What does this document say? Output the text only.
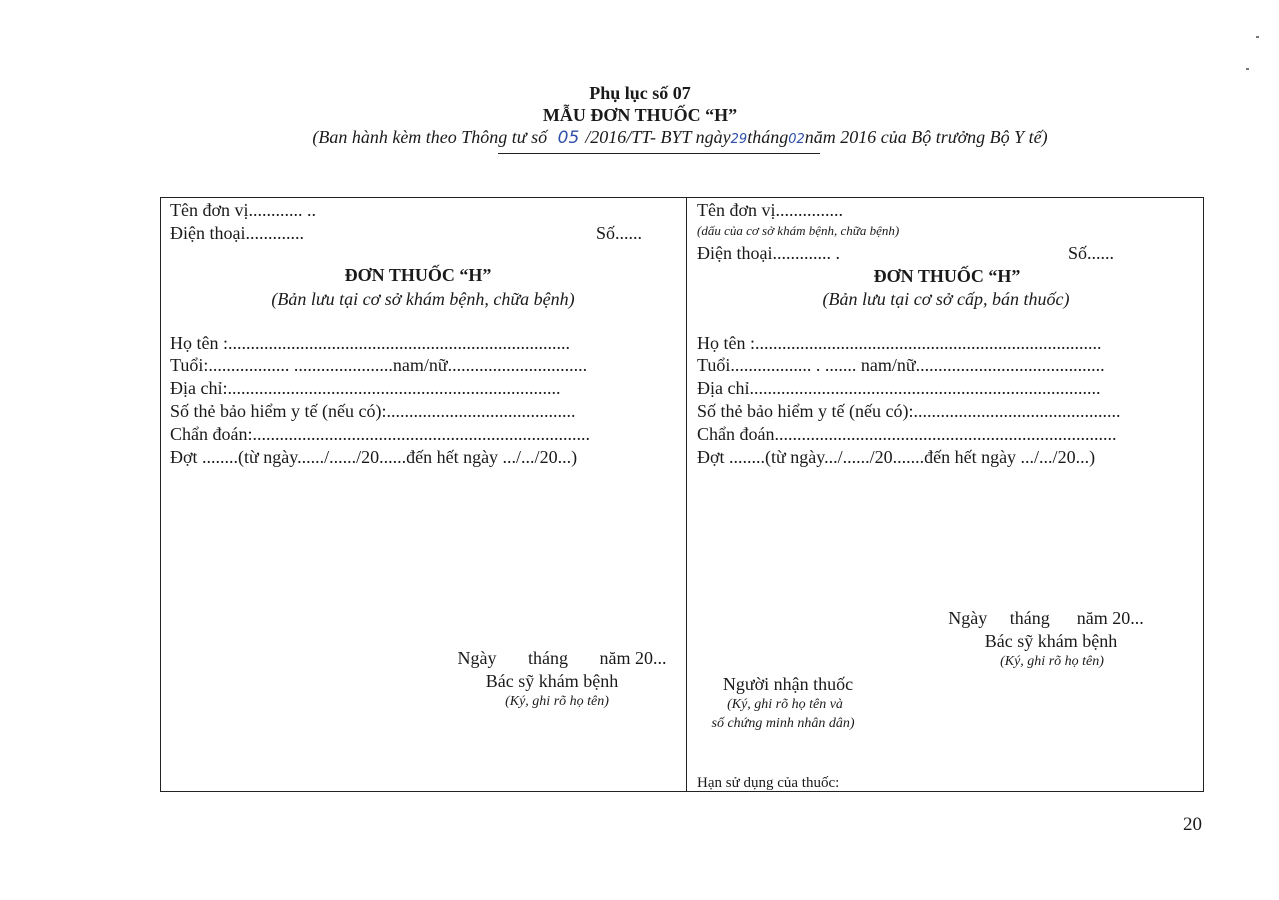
Phụ lục số 07
MẪU ĐƠN THUỐC “H”
(Ban hành kèm theo Thông tư số 05 /2016/TT- BYT ngày29tháng02năm 2016 của Bộ trưởng Bộ Y tế)
Tên đơn vị............ ..
Điện thoại.............	Số......
ĐƠN THUỐC “H”
(Bản lưu tại cơ sở khám bệnh, chữa bệnh)
Họ tên :............................................................................
Tuổi:.................. ......................nam/nữ...............................
Địa chỉ:..........................................................................
Số thẻ bảo hiểm y tế (nếu có):..........................................
Chẩn đoán:...........................................................................
Đợt ........(từ ngày....../....../20......đến hết ngày .../.../20...)
Ngày       tháng       năm 20...
Bác sỹ khám bệnh
(Ký, ghi rõ họ tên)
Tên đơn vị...............
(dấu của cơ sở khám bệnh, chữa bệnh)
Điện thoại............. .	Số......
ĐƠN THUỐC “H”
(Bản lưu tại cơ sở cấp, bán thuốc)
Họ tên :.............................................................................
Tuổi.................. . ....... nam/nữ..........................................
Địa chỉ..............................................................................
Số thẻ bảo hiểm y tế (nếu có):..............................................
Chẩn đoán............................................................................
Đợt ........(từ ngày.../....../20.......đến hết ngày .../.../20...)
Ngày     tháng      năm 20...
Bác sỹ khám bệnh
(Ký, ghi rõ họ tên)
Người nhận thuốc
(Ký, ghi rõ họ tên và
số chứng minh nhân dân)
Hạn sử dụng của thuốc:
20
